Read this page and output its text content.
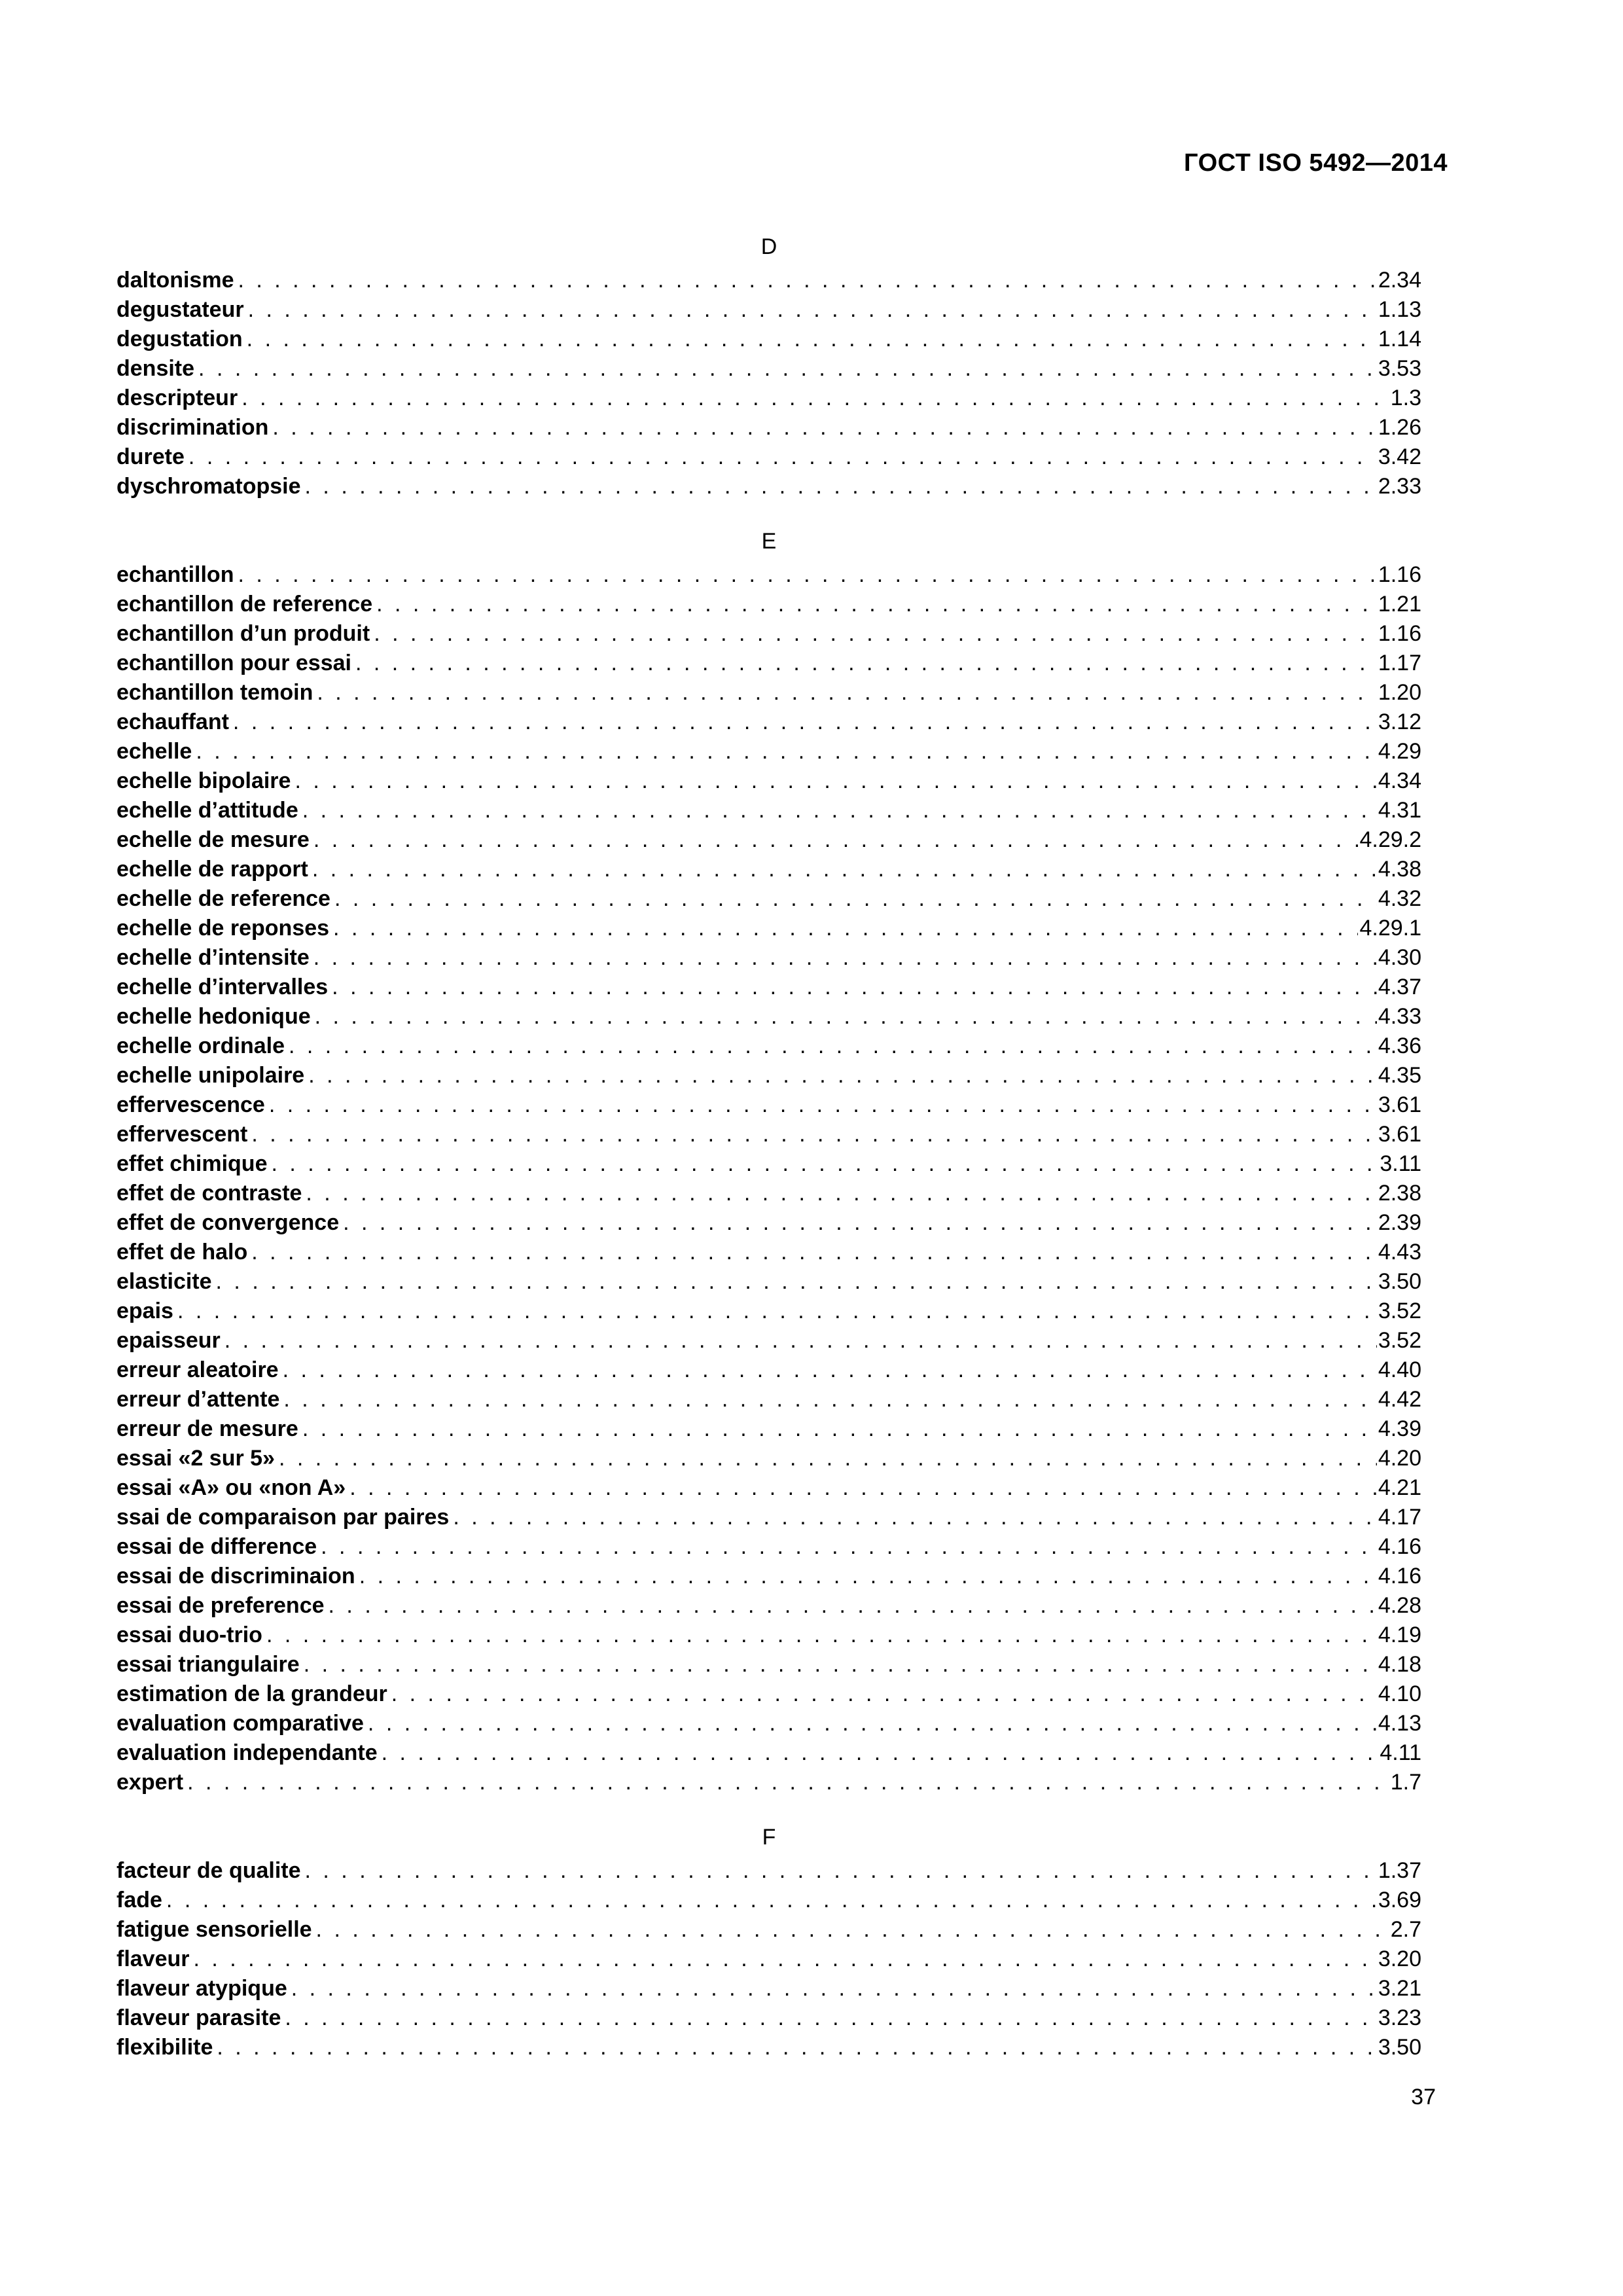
ГОСТ ISO 5492—2014
D
daltonisme . . .	2.34
degustateur . . .	1.13
degustation . . .	1.14
densite . . .	3.53
descripteur . . .	1.3
discrimination . . .	1.26
durete . . .	3.42
dyschromatopsie . . .	2.33
E
echantillon . . .	1.16
echantillon de reference . . .	1.21
echantillon d’un produit . . .	1.16
echantillon pour essai . . .	1.17
echantillon temoin . . .	1.20
echauffant . . .	3.12
echelle . . .	4.29
echelle bipolaire . . .	4.34
echelle d’attitude . . .	4.31
echelle de mesure . . .	4.29.2
echelle de rapport . . .	4.38
echelle de reference . . .	4.32
echelle de reponses . . .	4.29.1
echelle d’intensite . . .	4.30
echelle d’intervalles . . .	4.37
echelle hedonique . . .	4.33
echelle ordinale . . .	4.36
echelle unipolaire . . .	4.35
effervescence . . .	3.61
effervescent . . .	3.61
effet chimique . . .	3.11
effet de contraste . . .	2.38
effet de convergence . . .	2.39
effet de halo . . .	4.43
elasticite . . .	3.50
epais . . .	3.52
epaisseur . . .	3.52
erreur aleatoire . . .	4.40
erreur d’attente . . .	4.42
erreur de mesure . . .	4.39
essai «2 sur 5» . . .	4.20
essai «A» ou «non A» . . .	4.21
ssai de comparaison par paires . . .	4.17
essai de difference . . .	4.16
essai de discriminaion . . .	4.16
essai de preference . . .	4.28
essai duo-trio . . .	4.19
essai triangulaire . . .	4.18
estimation de la grandeur . . .	4.10
evaluation comparative . . .	4.13
evaluation independante . . .	4.11
expert . . .	1.7
F
facteur de qualite . . .	1.37
fade . . .	3.69
fatigue sensorielle . . .	2.7
flaveur . . .	3.20
flaveur atypique . . .	3.21
flaveur parasite . . .	3.23
flexibilite . . .	3.50
37
